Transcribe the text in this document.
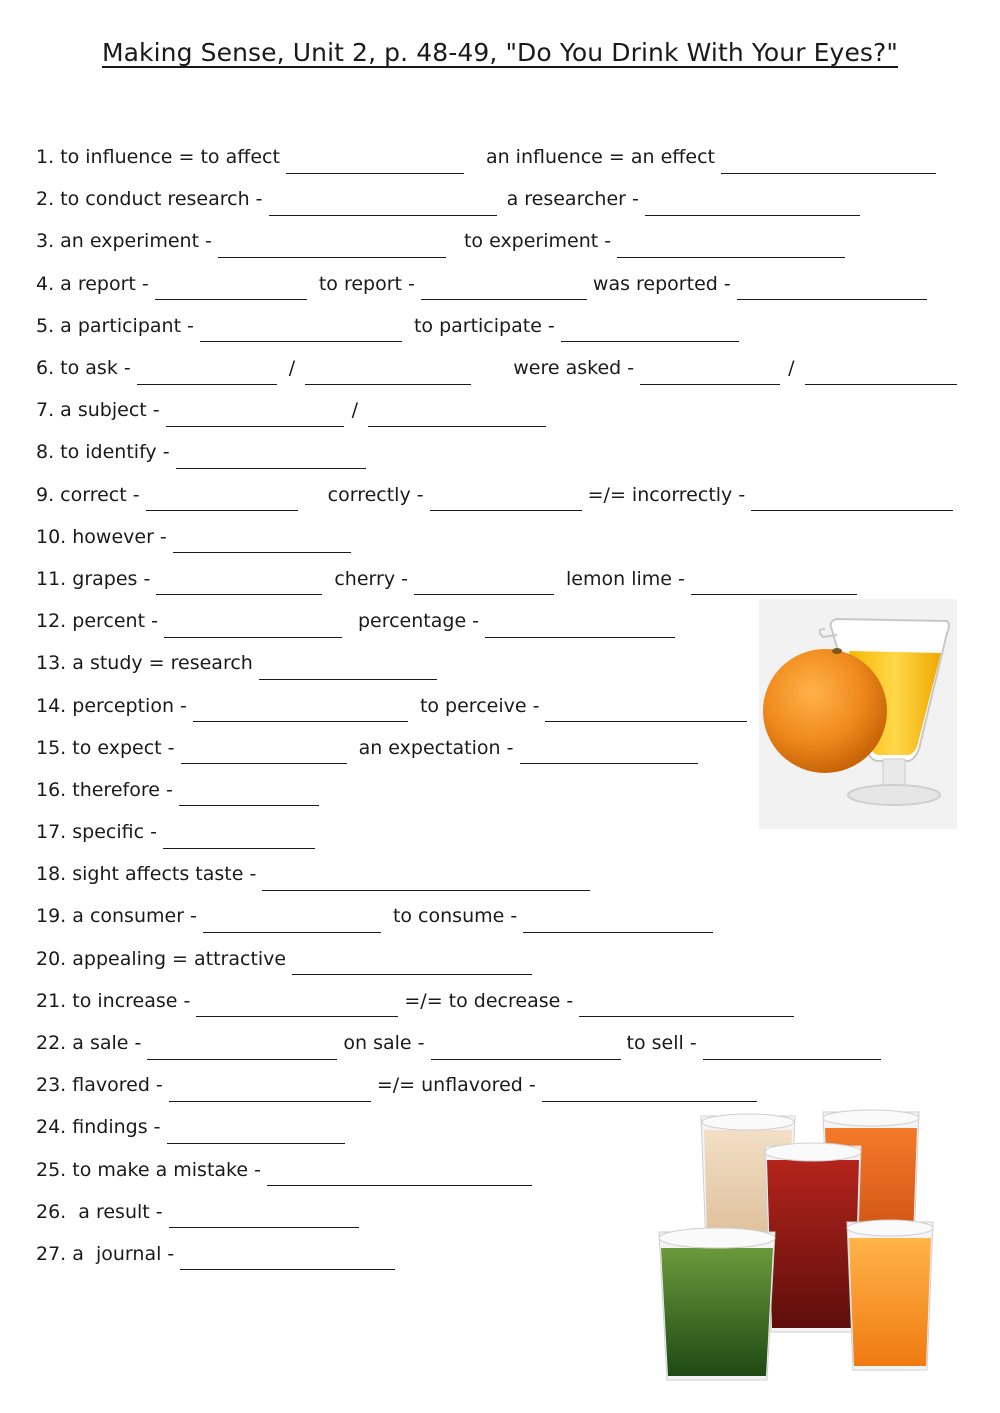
Making Sense, Unit 2, p. 48-49, "Do You Drink With Your Eyes?"
1. to influence = to affect	an influence = an effect
2. to conduct research -	a researcher -
3. an experiment -	to experiment -
4. a report -	to report -	was reported -
5. a participant -	to participate -
6. to ask -	/	were asked -	/
7. a subject -	/
8. to identify -
9. correct -	correctly -	=/= incorrectly -
10. however -
11. grapes -	cherry -	lemon lime -
12. percent -	percentage -
13. a study = research
14. perception -	to perceive -
15. to expect -	an expectation -
16. therefore -
17. specific -
18. sight affects taste -
19. a consumer -	to consume -
20. appealing = attractive
21. to increase -	=/= to decrease -
22. a sale -	on sale -	to sell -
23. flavored -	=/= unflavored -
24. findings -
25. to make a mistake -
26.  a result -
27. a  journal -
